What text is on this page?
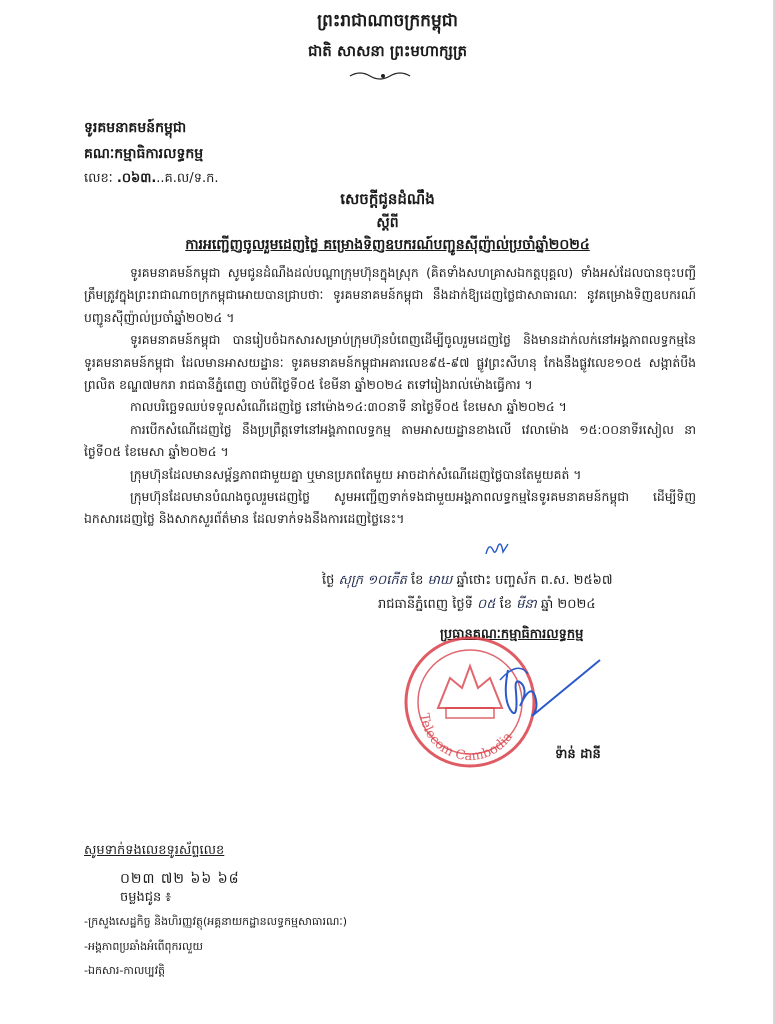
ព្រះរាជាណាចក្រកម្ពុជា
ជាតិ សាសនា ព្រះមហាក្សត្រ
ទូរគមនាគមន៍កម្ពុជា
គណៈកម្មាធិការលទ្ធកម្ម
លេខៈ .០៦៣...គ.ល/ទ.ក.
សេចក្តីជូនដំណឹង
ស្តីពី
ការអញ្ជើញចូលរួមដេញថ្លៃ គម្រោងទិញឧបករណ៍បញ្ជូនស៊ីញ៉ាល់ប្រចាំឆ្នាំ២០២៤

ទូរគមនាគមន៍កម្ពុជា សូមជូនដំណឹងដល់បណ្តាក្រុមហ៊ុនក្នុងស្រុក (គិតទាំងសហគ្រាសឯកត្តបុគ្គល) ទាំងអស់ដែលបានចុះបញ្ជីត្រឹមត្រូវក្នុងព្រះរាជាណាចក្រកម្ពុជាអោយបានជ្រាបថាៈ ទូរគមនាគមន៍កម្ពុជា នឹងដាក់ឱ្យដេញថ្លៃជាសាធារណៈ នូវគម្រោងទិញឧបករណ៍បញ្ជូនស៊ីញ៉ាល់ប្រចាំឆ្នាំ២០២៤ ។

ទូរគមនាគមន៍កម្ពុជា បានរៀបចំឯកសារសម្រាប់ក្រុមហ៊ុនបំពេញដើម្បីចូលរួមដេញថ្លៃ និងមានដាក់លក់នៅអង្គភាពលទ្ធកម្មនៃទូរគមនាគមន៍កម្ពុជា ដែលមានអាសយដ្ឋានៈ ទូរគមនាគមន៍កម្ពុជាអគារលេខ៩៥-៩៧ ផ្លូវព្រះសីហនុ កែងនឹងផ្លូវលេខ១០៥ សង្កាត់បឹងព្រលិត ខណ្ឌ៧មករា រាជធានីភ្នំពេញ ចាប់ពីថ្ងៃទី០៥ ខែមីនា ឆ្នាំ២០២៤ តទៅរៀងរាល់ម៉ោងធ្វើការ ។

កាលបរិច្ឆេទឈប់ទទួលសំណើដេញថ្លៃ នៅម៉ោង១៤:៣០នាទី នាថ្ងៃទី០៥ ខែមេសា ឆ្នាំ២០២៤ ។

ការបើកសំណើដេញថ្លៃ នឹងប្រព្រឹត្តទៅនៅអង្គភាពលទ្ធកម្ម តាមអាសយដ្ឋានខាងលើ វេលាម៉ោង ១៥:០០នាទីរសៀល នាថ្ងៃទី០៥ ខែមេសា ឆ្នាំ២០២៤ ។

ក្រុមហ៊ុនដែលមានសម្ព័ន្ធភាពជាមួយគ្នា ឬមានប្រភពតែមួយ អាចដាក់សំណើដេញថ្លៃបានតែមួយគត់ ។

ក្រុមហ៊ុនដែលមានបំណងចូលរួមដេញថ្លៃ សូមអញ្ជើញទាក់ទងជាមួយអង្គភាពលទ្ធកម្មនៃទូរគមនាគមន៍កម្ពុជា ដើម្បីទិញឯកសារដេញថ្លៃ និងសាកសួរព័ត៌មាន ដែលទាក់ទងនឹងការដេញថ្លៃនេះ។

ថ្ងៃ សុក្រ ១០កើត ខែ មាឃ ឆ្នាំថោះ បញ្ចស័ក ព.ស. ២៥៦៧
រាជធានីភ្នំពេញ ថ្ងៃទី ០៥ ខែ មីនា ឆ្នាំ ២០២៤
ប្រធានគណៈកម្មាធិការលទ្ធកម្ម
Telecom Cambodia
ទ៉ាន់ ដានី
សូមទាក់ទងលេខទូរស័ព្ទលេខ
០២៣ ៧២ ៦៦ ៦៨
ចម្លងជូន ៖
-ក្រសួងសេដ្ឋកិច្ច និងហិរញ្ញវត្ថុ(អគ្គនាយកដ្ឋានលទ្ធកម្មសាធារណៈ)
-អង្គភាពប្រឆាំងអំពើពុករលួយ
-ឯកសារ-កាលប្បវត្តិ
